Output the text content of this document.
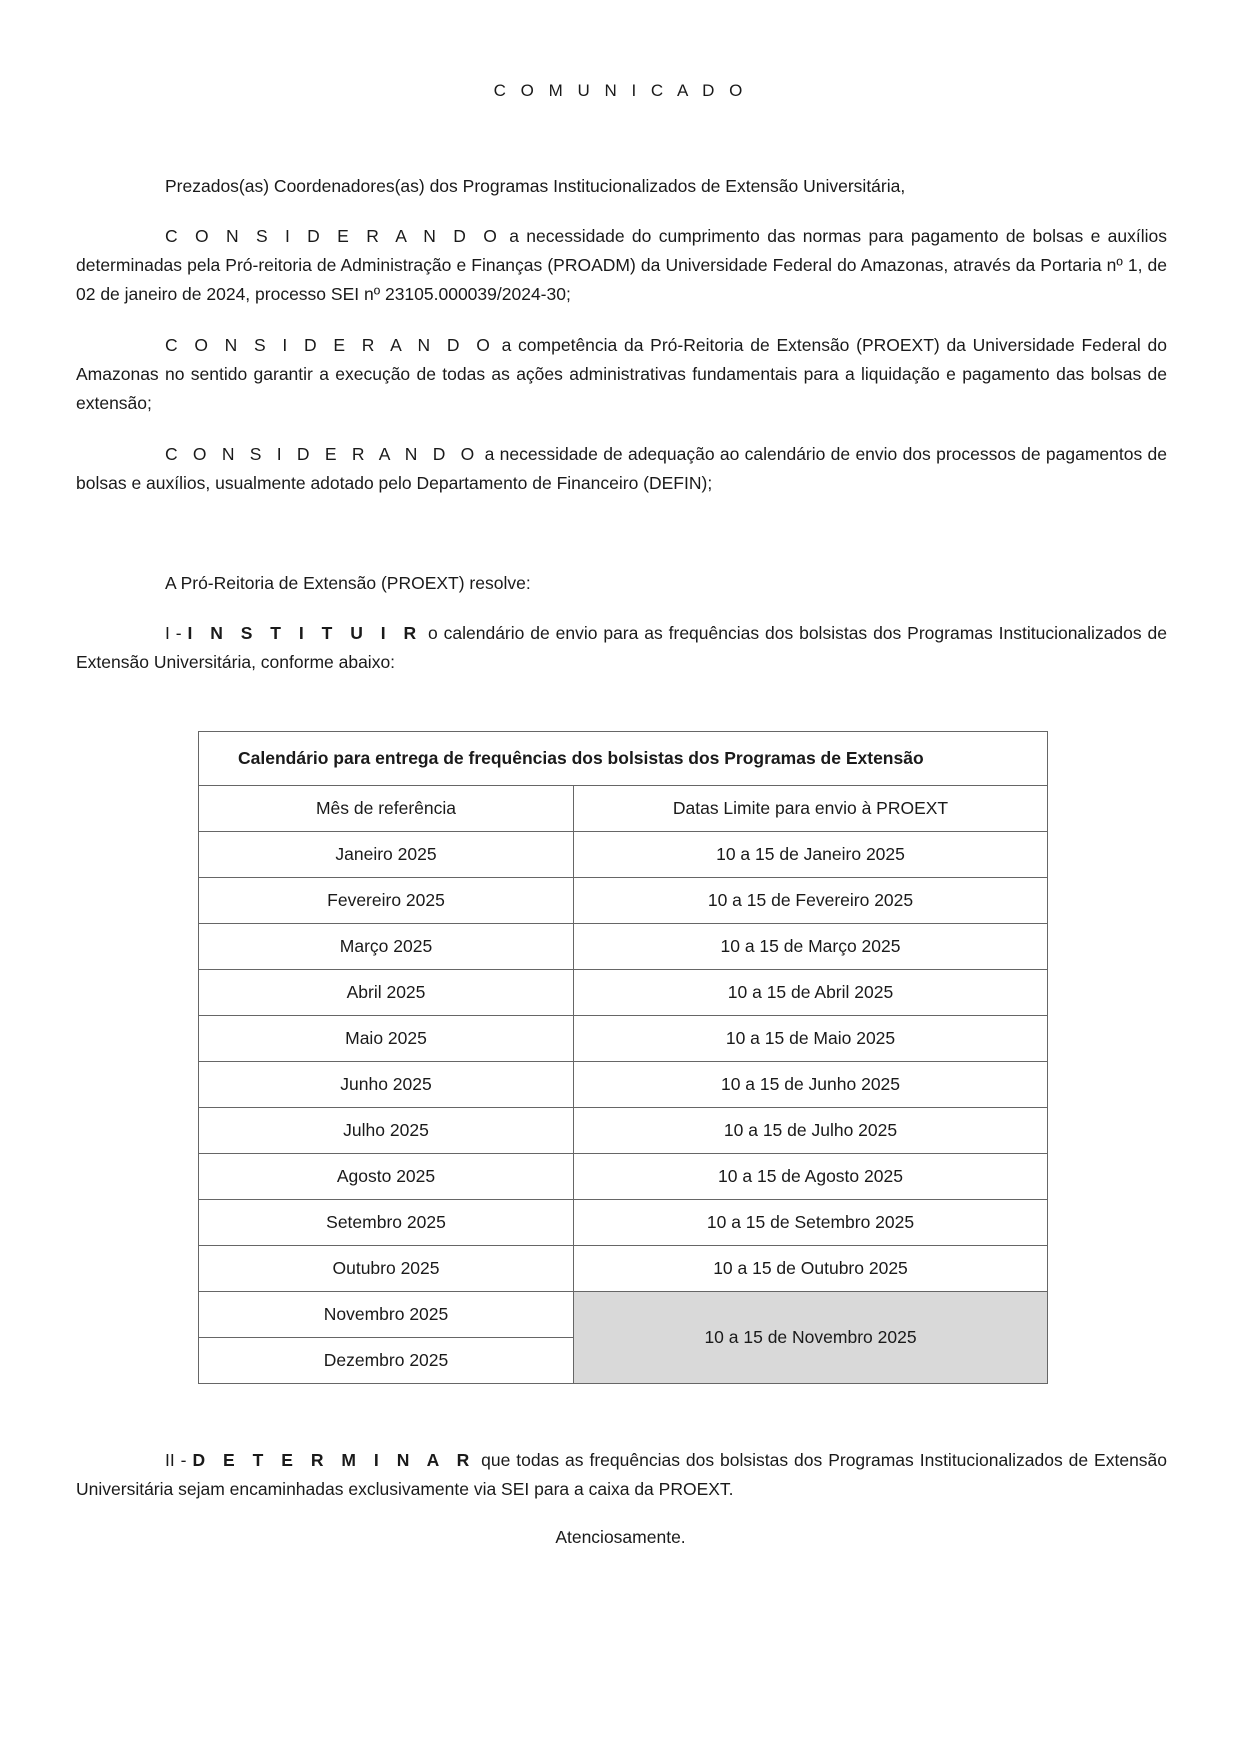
C O M U N I C A D O
Prezados(as) Coordenadores(as) dos Programas Institucionalizados de Extensão Universitária,
C O N S I D E R A N D O a necessidade do cumprimento das normas para pagamento de bolsas e auxílios determinadas pela Pró-reitoria de Administração e Finanças (PROADM) da Universidade Federal do Amazonas, através da Portaria nº 1, de 02 de janeiro de 2024, processo SEI nº 23105.000039/2024-30;
C O N S I D E R A N D O a competência da Pró-Reitoria de Extensão (PROEXT) da Universidade Federal do Amazonas no sentido garantir a execução de todas as ações administrativas fundamentais para a liquidação e pagamento das bolsas de extensão;
C O N S I D E R A N D O a necessidade de adequação ao calendário de envio dos processos de pagamentos de bolsas e auxílios, usualmente adotado pelo Departamento de Financeiro (DEFIN);
A Pró-Reitoria de Extensão (PROEXT) resolve:
I - I N S T I T U I R o calendário de envio para as frequências dos bolsistas dos Programas Institucionalizados de Extensão Universitária, conforme abaixo:
Calendário para entrega de frequências dos bolsistas dos Programas de Extensão	
Mês de referência	Datas Limite para envio à PROEXT
Janeiro 2025	10 a 15 de Janeiro 2025
Fevereiro 2025	10 a 15 de Fevereiro 2025
Março 2025	10 a 15 de Março 2025
Abril 2025	10 a 15 de Abril 2025
Maio 2025	10 a 15 de Maio 2025
Junho 2025	10 a 15 de Junho 2025
Julho 2025	10 a 15 de Julho 2025
Agosto 2025	10 a 15 de Agosto 2025
Setembro 2025	10 a 15 de Setembro 2025
Outubro 2025	10 a 15 de Outubro 2025
Novembro 2025	10 a 15 de Novembro 2025
Dezembro 2025	
II - D E T E R M I N A R que todas as frequências dos bolsistas dos Programas Institucionalizados de Extensão Universitária sejam encaminhadas exclusivamente via SEI para a caixa da PROEXT.
Atenciosamente.
